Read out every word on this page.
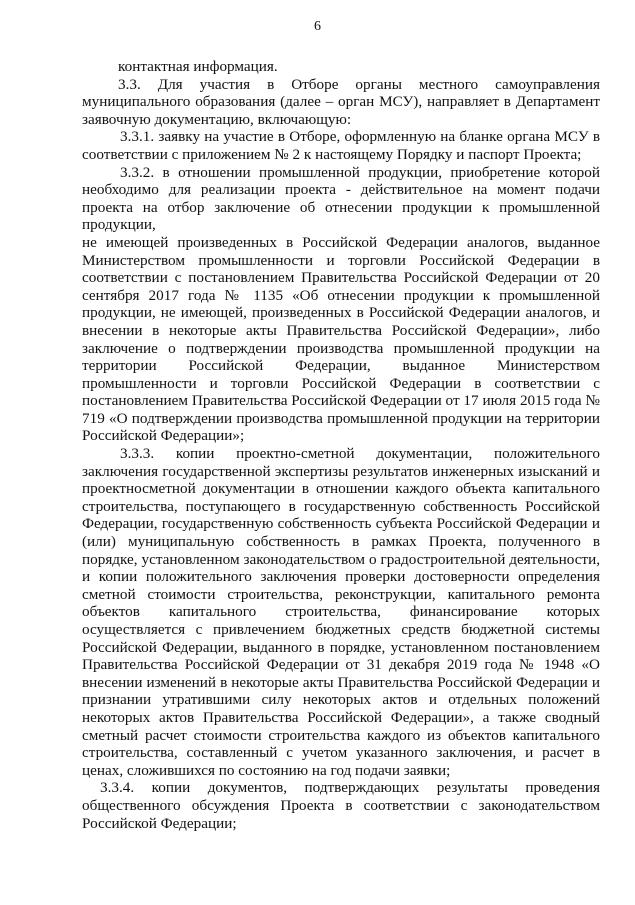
6

контактная информация.

3.3. Для участия в Отборе органы местного самоуправления муниципального образования (далее – орган МСУ), направляет в Департамент заявочную документацию, включающую:

3.3.1. заявку на участие в Отборе, оформленную на бланке органа МСУ в соответствии с приложением № 2 к настоящему Порядку и паспорт Проекта;

3.3.2. в отношении промышленной продукции, приобретение которой необходимо для реализации проекта - действительное на момент подачи проекта на отбор заключение об отнесении продукции к промышленной продукции,

не имеющей произведенных в Российской Федерации аналогов, выданное Министерством промышленности и торговли Российской Федерации в соответствии с постановлением Правительства Российской Федерации от 20 сентября 2017 года № 1135 «Об отнесении продукции к промышленной продукции, не имеющей, произведенных в Российской Федерации аналогов, и внесении в некоторые акты Правительства Российской Федерации», либо заключение о подтверждении производства промышленной продукции на территории Российской Федерации, выданное Министерством промышленности и торговли Российской Федерации в соответствии с постановлением Правительства Российской Федерации от 17 июля 2015 года № 719 «О подтверждении производства промышленной продукции на территории Российской Федерации»;

3.3.3. копии проектно-сметной документации, положительного заключения государственной экспертизы результатов инженерных изысканий и проектносметной документации в отношении каждого объекта капитального строительства, поступающего в государственную собственность Российской Федерации, государственную собственность субъекта Российской Федерации и (или) муниципальную собственность в рамках Проекта, полученного в порядке, установленном законодательством о градостроительной деятельности, и копии положительного заключения проверки достоверности определения сметной стоимости строительства, реконструкции, капитального ремонта объектов капитального строительства, финансирование которых осуществляется с привлечением бюджетных средств бюджетной системы Российской Федерации, выданного в порядке, установленном постановлением Правительства Российской Федерации от 31 декабря 2019 года № 1948 «О внесении изменений в некоторые акты Правительства Российской Федерации и признании утратившими силу некоторых актов и отдельных положений некоторых актов Правительства Российской Федерации», а также сводный сметный расчет стоимости строительства каждого из объектов капитального строительства, составленный с учетом указанного заключения, и расчет в ценах, сложившихся по состоянию на год подачи заявки;

3.3.4. копии документов, подтверждающих результаты проведения общественного обсуждения Проекта в соответствии с законодательством Российской Федерации;
